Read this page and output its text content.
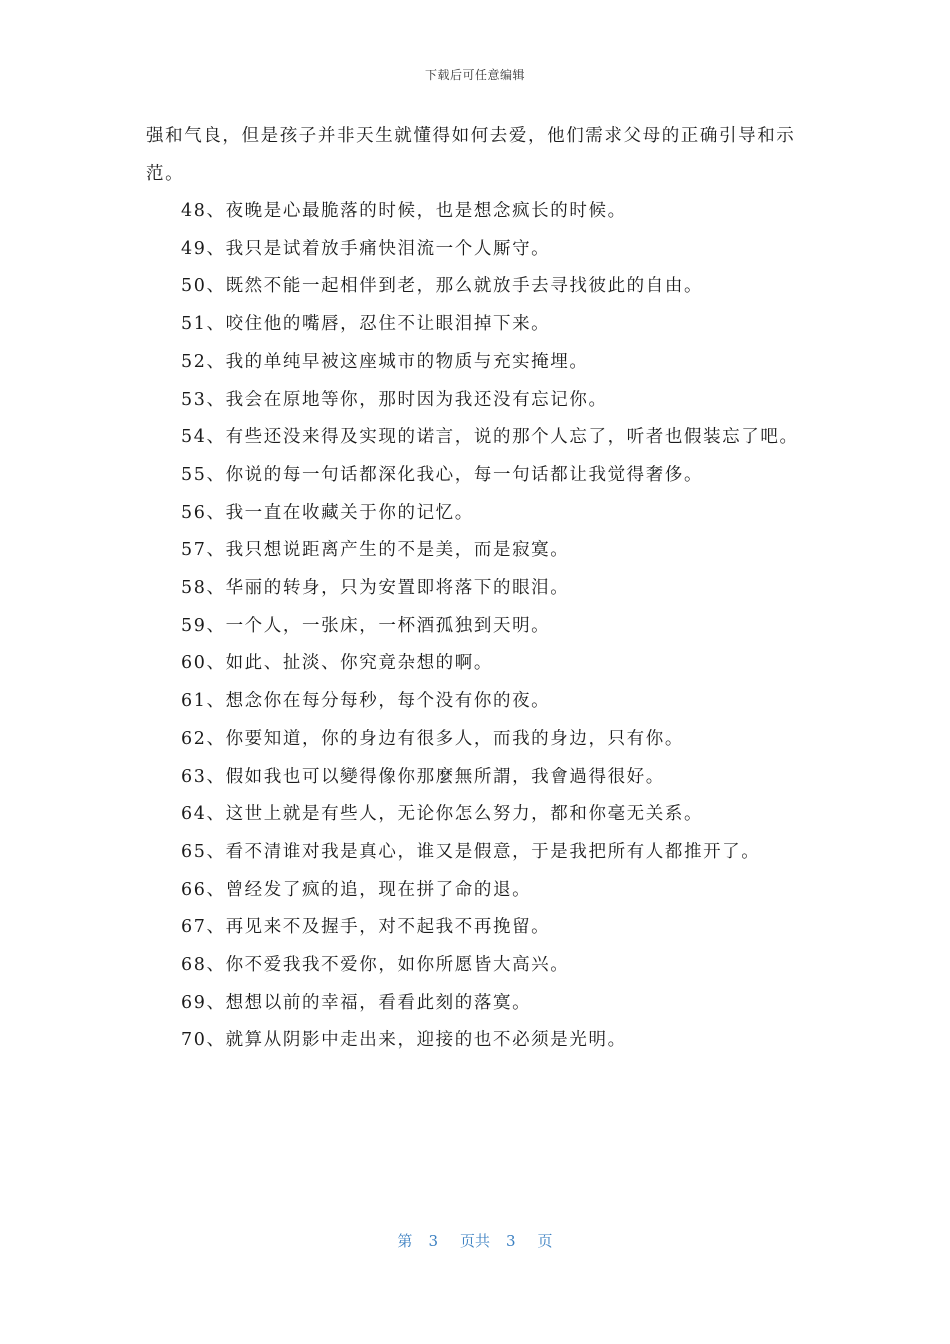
下载后可任意编辑

强和气良，但是孩子并非天生就懂得如何去爱，他们需求父母的正确引导和示范。

48、夜晚是心最脆落的时候，也是想念疯长的时候。

49、我只是试着放手痛快泪流一个人厮守。

50、既然不能一起相伴到老，那么就放手去寻找彼此的自由。

51、咬住他的嘴唇，忍住不让眼泪掉下来。

52、我的单纯早被这座城市的物质与充实掩埋。

53、我会在原地等你，那时因为我还没有忘记你。

54、有些还没来得及实现的诺言，说的那个人忘了，听者也假装忘了吧。

55、你说的每一句话都深化我心，每一句话都让我觉得奢侈。

56、我一直在收藏关于你的记忆。

57、我只想说距离产生的不是美，而是寂寞。

58、华丽的转身，只为安置即将落下的眼泪。

59、一个人，一张床，一杯酒孤独到天明。

60、如此、扯淡、你究竟杂想的啊。

61、想念你在每分每秒，每个没有你的夜。

62、你要知道，你的身边有很多人，而我的身边，只有你。

63、假如我也可以變得像你那麼無所謂，我會過得很好。

64、这世上就是有些人，无论你怎么努力，都和你毫无关系。

65、看不清谁对我是真心，谁又是假意，于是我把所有人都推开了。

66、曾经发了疯的追，现在拼了命的退。

67、再见来不及握手，对不起我不再挽留。

68、你不爱我我不爱你，如你所愿皆大高兴。

69、想想以前的幸福，看看此刻的落寞。

70、就算从阴影中走出来，迎接的也不必须是光明。

第 3 页共 3 页
